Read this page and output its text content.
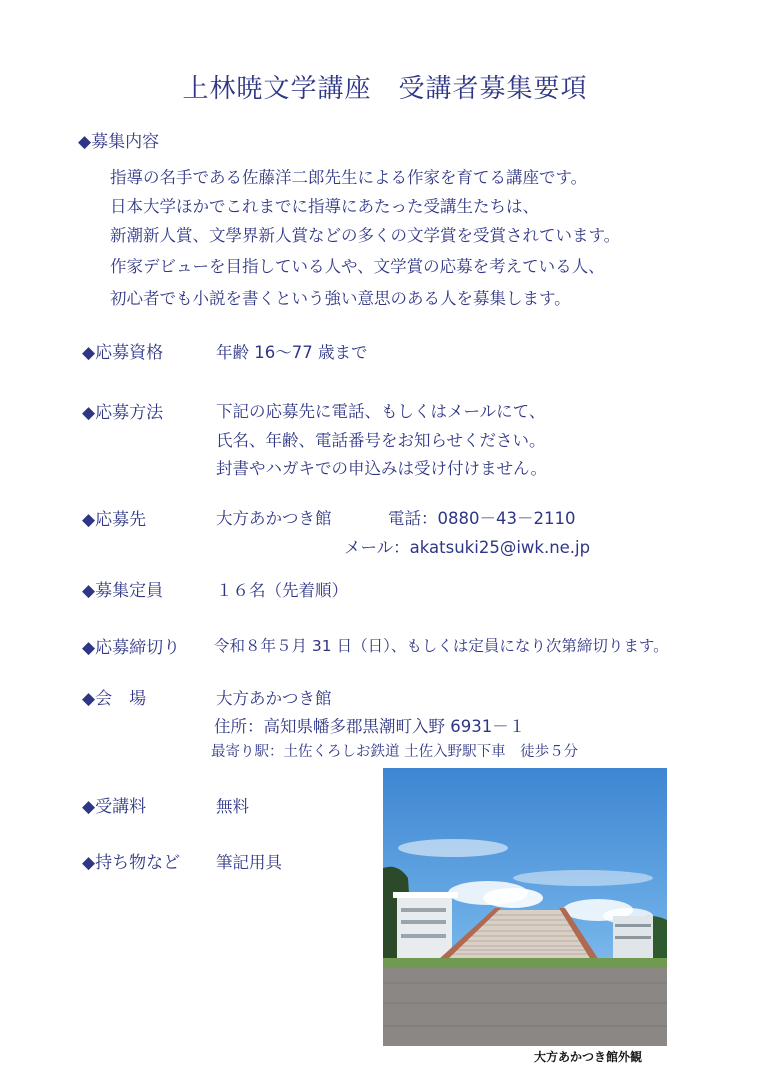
上林暁文学講座　受講者募集要項
◆募集内容
指導の名手である佐藤洋二郎先生による作家を育てる講座です。
日本大学ほかでこれまでに指導にあたった受講生たちは、
新潮新人賞、文學界新人賞などの多くの文学賞を受賞されています。
作家デビューを目指している人や、文学賞の応募を考えている人、
初心者でも小説を書くという強い意思のある人を募集します。
◆応募資格	年齢 16～77 歳まで
◆応募方法	下記の応募先に電話、もしくはメールにて、
氏名、年齢、電話番号をお知らせください。
封書やハガキでの申込みは受け付けません。
◆応募先	大方あかつき館	電話：0880－43－2110
メール：akatsuki25@iwk.ne.jp
◆募集定員	１６名（先着順）
◆応募締切り 令和８年５月 31 日（日）、もしくは定員になり次第締切ります。
◆会　場	大方あかつき館
住所：高知県幡多郡黒潮町入野 6931－１
最寄り駅：土佐くろしお鉄道 土佐入野駅下車　徒歩５分
◆受講料	無料
◆持ち物など 筆記用具
大方あかつき館外観
